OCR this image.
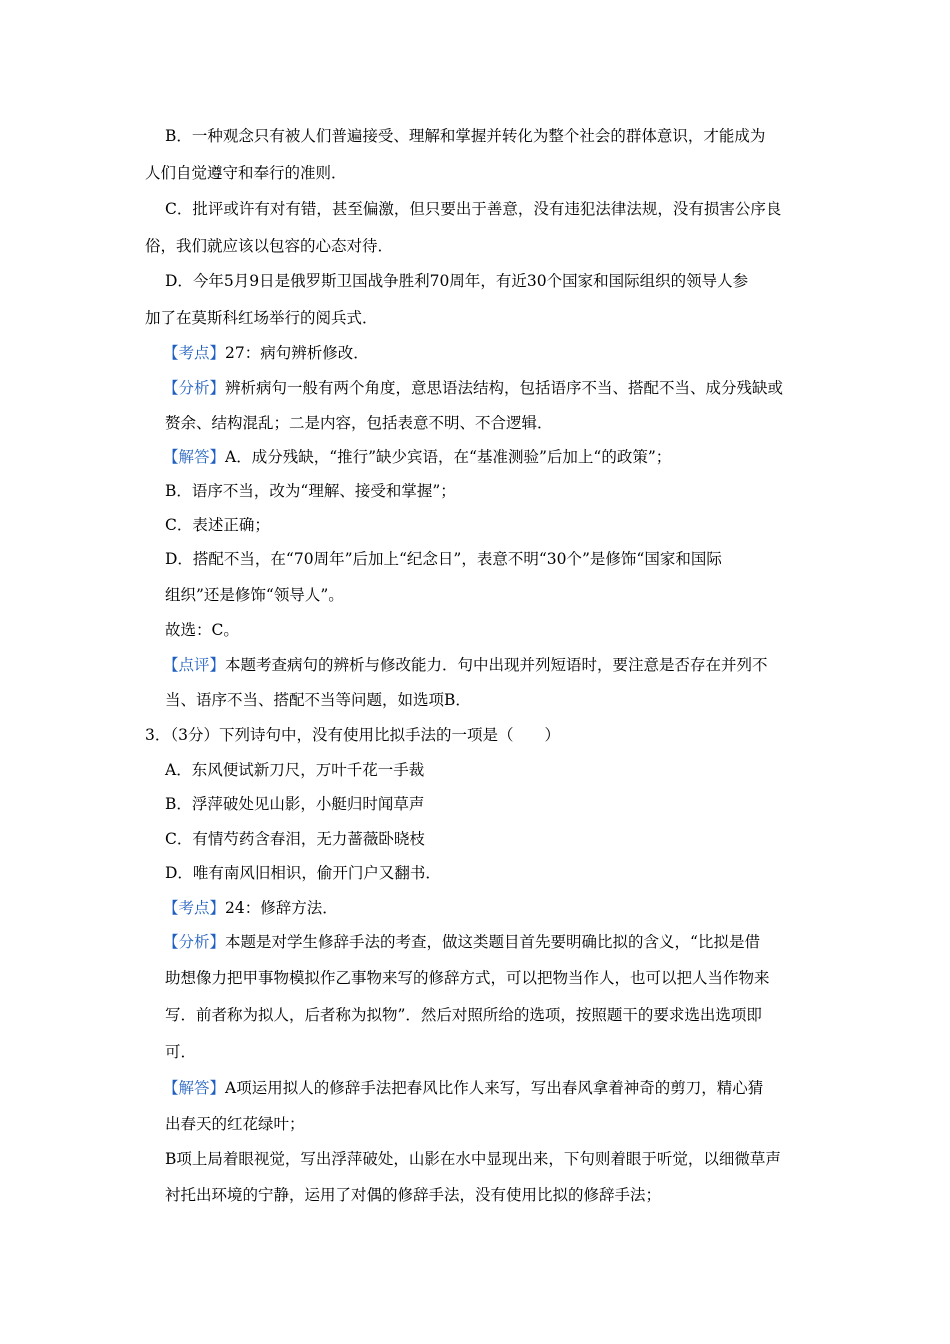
B．一种观念只有被人们普遍接受、理解和掌握并转化为整个社会的群体意识，才能成为
人们自觉遵守和奉行的准则．
C．批评或许有对有错，甚至偏激，但只要出于善意，没有违犯法律法规，没有损害公序良
俗，我们就应该以包容的心态对待．
D．今年5月9日是俄罗斯卫国战争胜利70周年，有近30个国家和国际组织的领导人参
加了在莫斯科红场举行的阅兵式．
【考点】27：病句辨析修改．
【分析】辨析病句一般有两个角度，意思语法结构，包括语序不当、搭配不当、成分残缺或
赘余、结构混乱；二是内容，包括表意不明、不合逻辑．
【解答】A．成分残缺，“推行”缺少宾语，在“基准测验”后加上“的政策”；
B．语序不当，改为“理解、接受和掌握”；
C．表述正确；
D．搭配不当，在“70周年”后加上“纪念日”，表意不明“30个”是修饰“国家和国际
组织”还是修饰“领导人”。
故选：C。
【点评】本题考查病句的辨析与修改能力．句中出现并列短语时，要注意是否存在并列不
当、语序不当、搭配不当等问题，如选项B．
3．（3分）下列诗句中，没有使用比拟手法的一项是（　　）
A．东风便试新刀尺，万叶千花一手裁
B．浮萍破处见山影，小艇归时闻草声
C．有情芍药含春泪，无力蔷薇卧晓枝
D．唯有南风旧相识，偷开门户又翻书．
【考点】24：修辞方法．
【分析】本题是对学生修辞手法的考查，做这类题目首先要明确比拟的含义，“比拟是借
助想像力把甲事物模拟作乙事物来写的修辞方式，可以把物当作人，也可以把人当作物来
写．前者称为拟人，后者称为拟物”．然后对照所给的选项，按照题干的要求选出选项即
可．
【解答】A项运用拟人的修辞手法把春风比作人来写，写出春风拿着神奇的剪刀，精心猜
出春天的红花绿叶；
B项上局着眼视觉，写出浮萍破处，山影在水中显现出来，下句则着眼于听觉，以细微草声
衬托出环境的宁静，运用了对偶的修辞手法，没有使用比拟的修辞手法；
